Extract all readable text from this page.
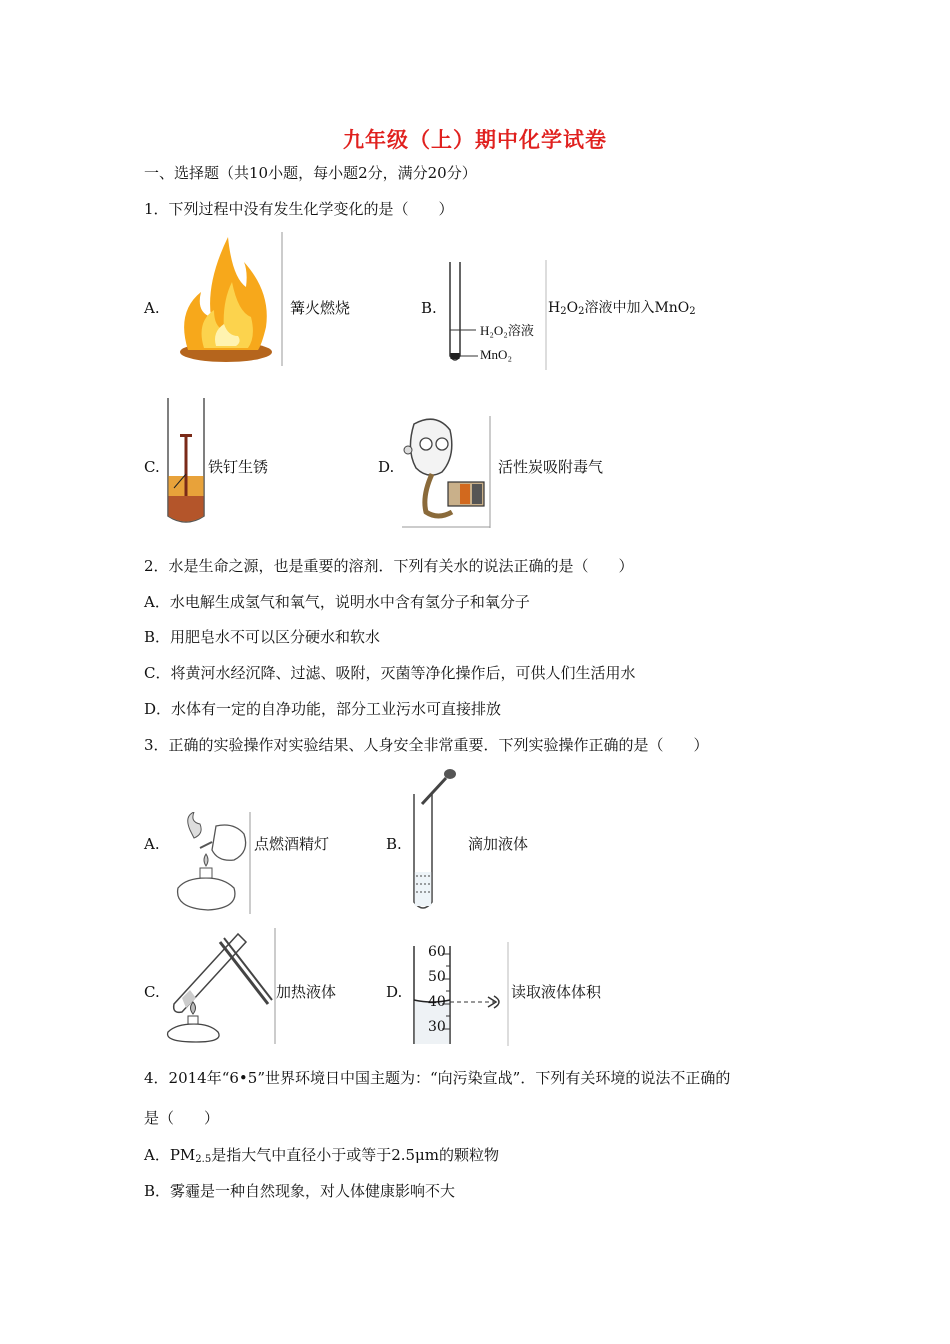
九年级（上）期中化学试卷
一、选择题（共10小题，每小题2分，满分20分）
1．下列过程中没有发生化学变化的是（　　）
A.	篝火燃烧	B.
H₂O₂溶液
MnO₂
$H_2O_2$溶液中加入MnO$_2$
C.	铁钉生锈	D.	活性炭吸附毒气
2．水是生命之源，也是重要的溶剂．下列有关水的说法正确的是（　　）
A．水电解生成氢气和氧气，说明水中含有氢分子和氧分子
B．用肥皂水不可以区分硬水和软水
C．将黄河水经沉降、过滤、吸附，灭菌等净化操作后，可供人们生活用水
D．水体有一定的自净功能，部分工业污水可直接排放
3．正确的实验操作对实验结果、人身安全非常重要．下列实验操作正确的是（　　）
A.	点燃酒精灯	B.	滴加液体
C.	加热液体	D.
60
50
40
30
读取液体体积
4．2014年“6•5”世界环境日中国主题为：“向污染宣战”．下列有关环境的说法不正确的
是（　　）
A．$PM_{2.5}$是指大气中直径小于或等于2.5μm的颗粒物
B．雾霾是一种自然现象，对人体健康影响不大
